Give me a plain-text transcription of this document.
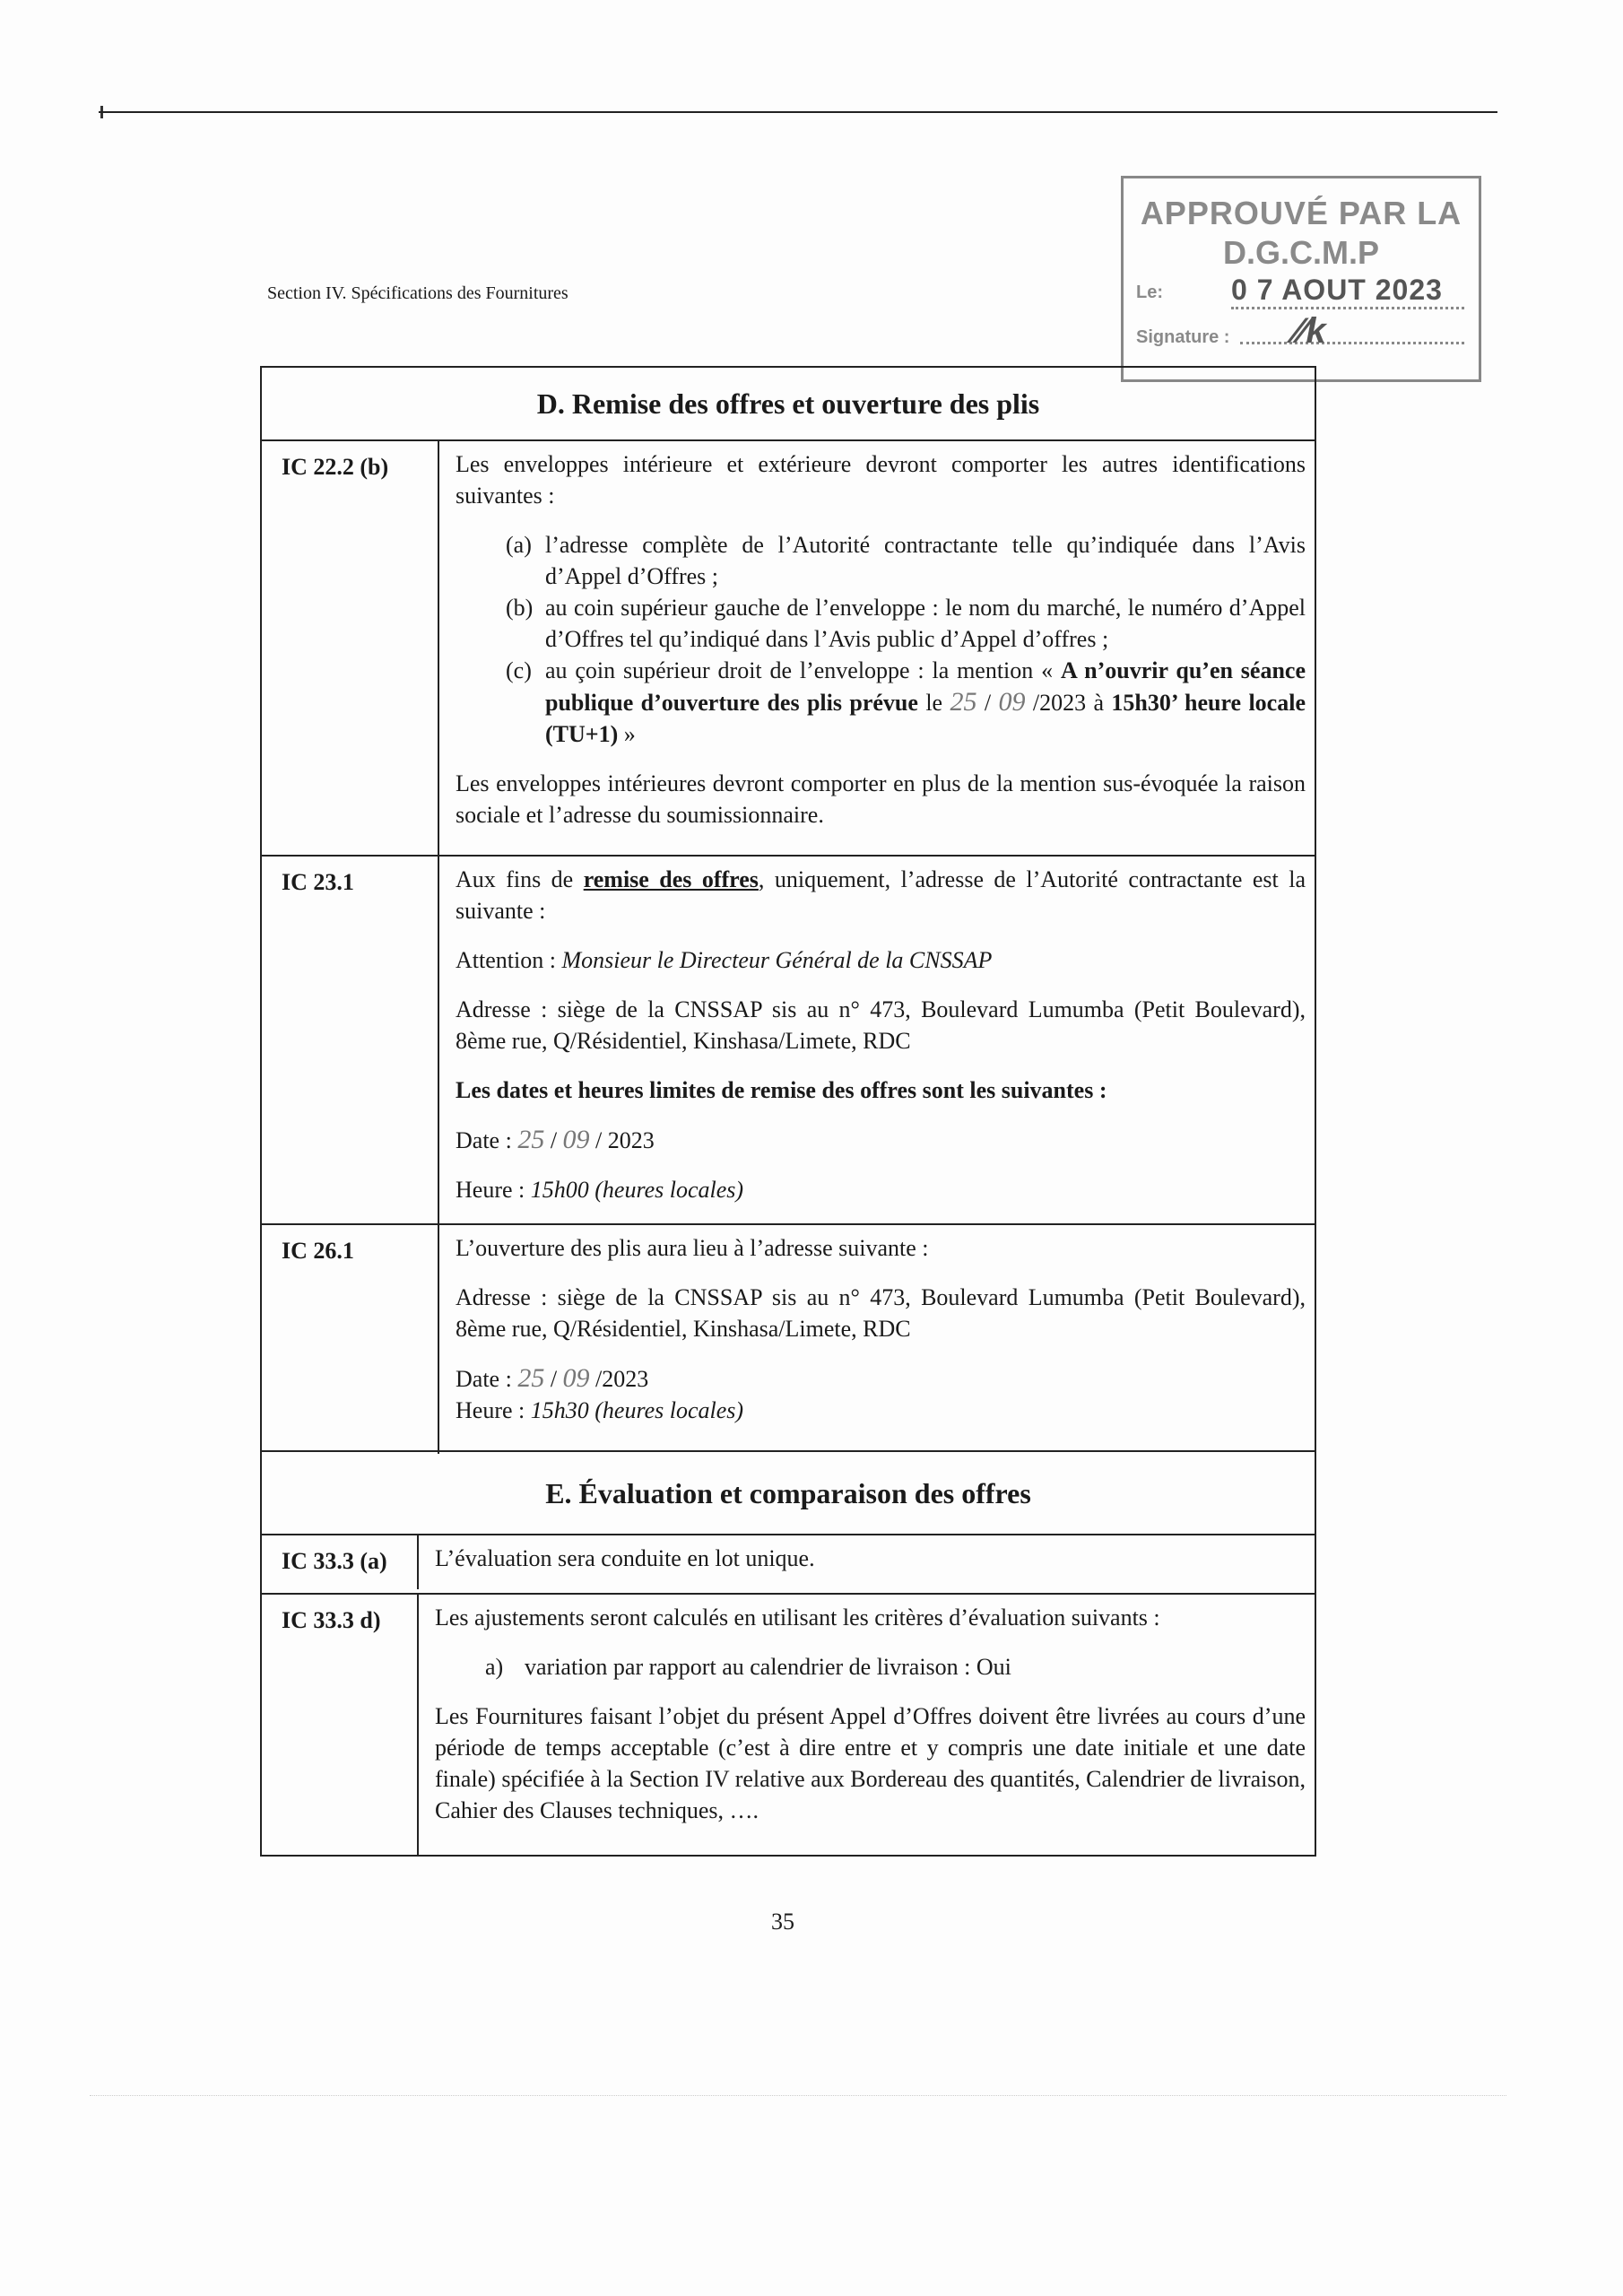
Section IV. Spécifications des Fournitures
APPROUVÉ PAR LA
D.G.C.M.P
Le: 0 7 AOUT 2023
Signature : ⁄⁄k
D. Remise des offres et ouverture des plis
IC 22.2 (b)	Les enveloppes intérieure et extérieure devront comporter les autres identifications suivantes :

(a) l’adresse complète de l’Autorité contractante telle qu’indiquée dans l’Avis d’Appel d’Offres ;
(b) au coin supérieur gauche de l’enveloppe : le nom du marché, le numéro d’Appel d’Offres tel qu’indiqué dans l’Avis public d’Appel d’offres ;
(c) au çoin supérieur droit de l’enveloppe : la mention « A n’ouvrir qu’en séance publique d’ouverture des plis prévue le 25 / 09 /2023 à 15h30’ heure locale (TU+1) »

Les enveloppes intérieures devront comporter en plus de la mention sus-évoquée la raison sociale et l’adresse du soumissionnaire.

IC 23.1	Aux fins de remise des offres, uniquement, l’adresse de l’Autorité contractante est la suivante :

Attention : Monsieur le Directeur Général de la CNSSAP

Adresse : siège de la CNSSAP sis au n° 473, Boulevard Lumumba (Petit Boulevard), 8ème rue, Q/Résidentiel, Kinshasa/Limete, RDC

Les dates et heures limites de remise des offres sont les suivantes :

Date : 25 / 09 / 2023

Heure : 15h00 (heures locales)

IC 26.1	L’ouverture des plis aura lieu à l’adresse suivante :

Adresse : siège de la CNSSAP sis au n° 473, Boulevard Lumumba (Petit Boulevard), 8ème rue, Q/Résidentiel, Kinshasa/Limete, RDC

Date : 25 / 09 /2023
Heure : 15h30 (heures locales)
E. Évaluation et comparaison des offres
IC 33.3 (a)	L’évaluation sera conduite en lot unique.
IC 33.3 d)	Les ajustements seront calculés en utilisant les critères d’évaluation suivants :

a) variation par rapport au calendrier de livraison : Oui

Les Fournitures faisant l’objet du présent Appel d’Offres doivent être livrées au cours d’une période de temps acceptable (c’est à dire entre et y compris une date initiale et une date finale) spécifiée à la Section IV relative aux Bordereau des quantités, Calendrier de livraison, Cahier des Clauses techniques, ….

35
